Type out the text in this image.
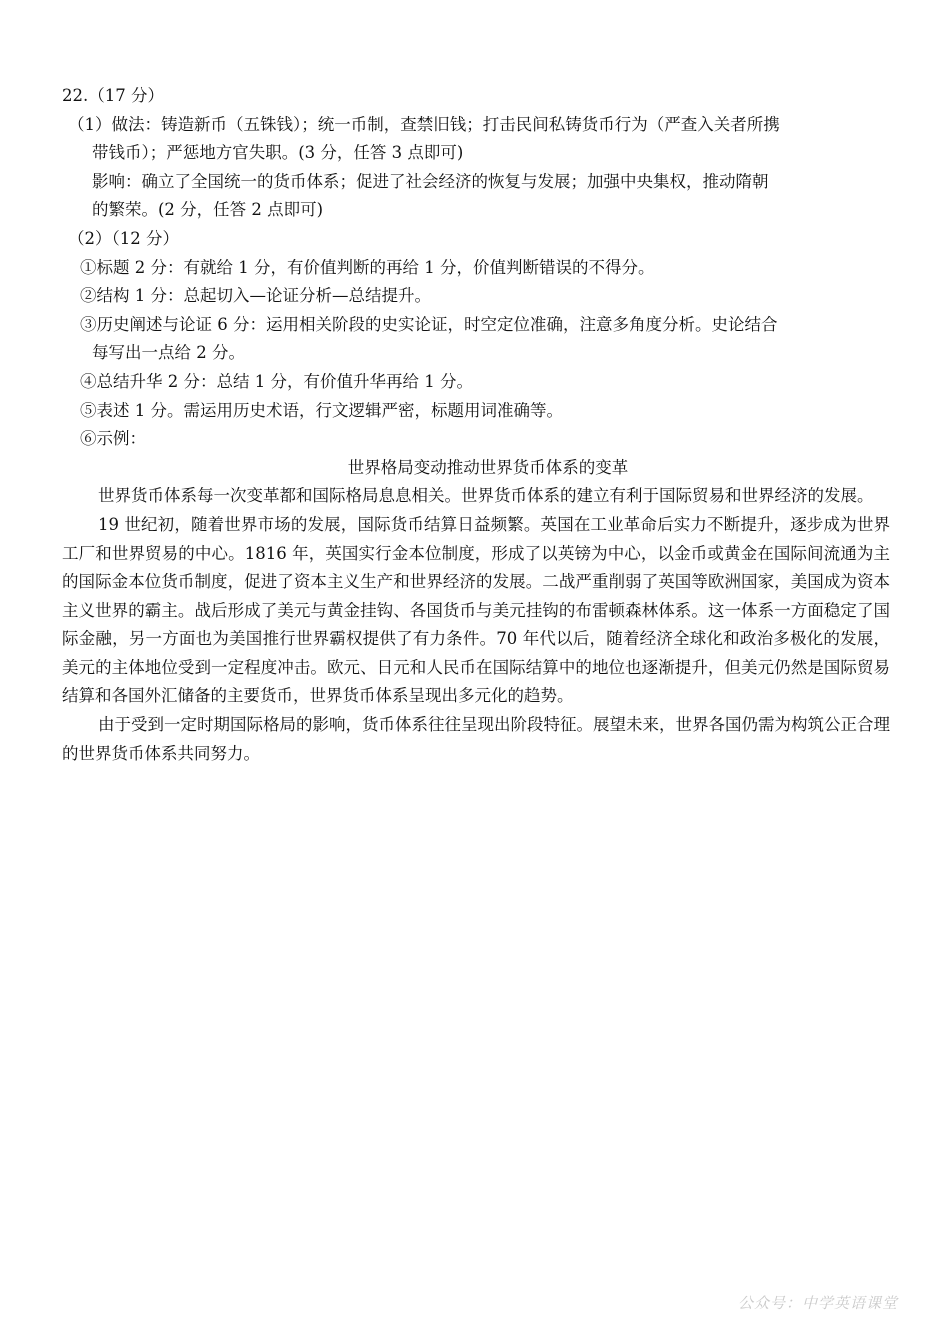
22.（17 分）

（1）做法：铸造新币（五铢钱）；统一币制，查禁旧钱；打击民间私铸货币行为（严查入关者所携

带钱币）；严惩地方官失职。(3 分，任答 3 点即可)

影响：确立了全国统一的货币体系；促进了社会经济的恢复与发展；加强中央集权，推动隋朝

的繁荣。(2 分，任答 2 点即可)

（2）（12 分）

①标题 2 分：有就给 1 分，有价值判断的再给 1 分，价值判断错误的不得分。

②结构 1 分：总起切入—论证分析—总结提升。

③历史阐述与论证 6 分：运用相关阶段的史实论证，时空定位准确，注意多角度分析。史论结合

每写出一点给 2 分。

④总结升华 2 分：总结 1 分，有价值升华再给 1 分。

⑤表述 1 分。需运用历史术语，行文逻辑严密，标题用词准确等。

⑥示例：

世界格局变动推动世界货币体系的变革

世界货币体系每一次变革都和国际格局息息相关。世界货币体系的建立有利于国际贸易和世界经济的发展。

19 世纪初，随着世界市场的发展，国际货币结算日益频繁。英国在工业革命后实力不断提升，逐步成为世界工厂和世界贸易的中心。1816 年，英国实行金本位制度，形成了以英镑为中心，以金币或黄金在国际间流通为主的国际金本位货币制度，促进了资本主义生产和世界经济的发展。二战严重削弱了英国等欧洲国家，美国成为资本主义世界的霸主。战后形成了美元与黄金挂钩、各国货币与美元挂钩的布雷顿森林体系。这一体系一方面稳定了国际金融，另一方面也为美国推行世界霸权提供了有力条件。70 年代以后，随着经济全球化和政治多极化的发展，美元的主体地位受到一定程度冲击。欧元、日元和人民币在国际结算中的地位也逐渐提升，但美元仍然是国际贸易结算和各国外汇储备的主要货币，世界货币体系呈现出多元化的趋势。

由于受到一定时期国际格局的影响，货币体系往往呈现出阶段特征。展望未来，世界各国仍需为构筑公正合理的世界货币体系共同努力。

公众号：中学英语课堂
